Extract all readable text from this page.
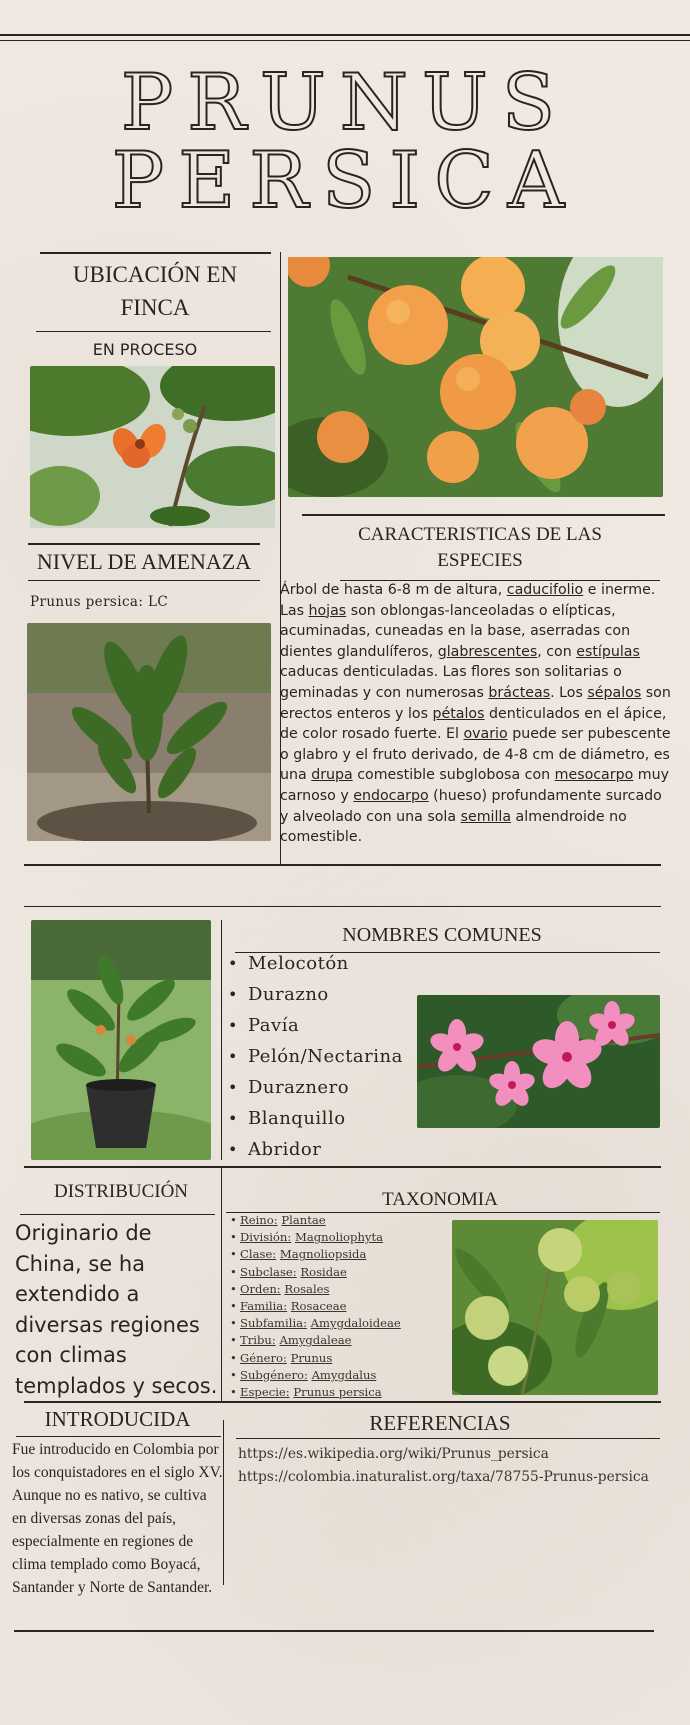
PRUNUS
PERSICA
UBICACIÓN EN FINCA
EN PROCESO
NIVEL DE AMENAZA
Prunus persica: LC
CARACTERISTICAS DE LAS ESPECIES
Árbol de hasta 6-8 m de altura, caducifolio e inerme. Las hojas son oblongas-lanceoladas o elípticas, acuminadas, cuneadas en la base, aserradas con dientes glandulíferos, glabrescentes, con estípulas caducas denticuladas. Las flores son solitarias o geminadas y con numerosas brácteas. Los sépalos son erectos enteros y los pétalos denticulados en el ápice, de color rosado fuerte. El ovario puede ser pubescente o glabro y el fruto derivado, de 4-8 cm de diámetro, es una drupa comestible subglobosa con mesocarpo muy carnoso y endocarpo (hueso) profundamente surcado y alveolado con una sola semilla almendroide no comestible.
NOMBRES COMUNES
• Melocotón
• Durazno
• Pavía
• Pelón/Nectarina
• Duraznero
• Blanquillo
• Abridor
DISTRIBUCIÓN
Originario de China, se ha extendido a diversas regiones con climas templados y secos.
TAXONOMIA
• Reino: Plantae
• División: Magnoliophyta
• Clase: Magnoliopsida
• Subclase: Rosidae
• Orden: Rosales
• Familia: Rosaceae
• Subfamilia: Amygdaloideae
• Tribu: Amygdaleae
• Género: Prunus
• Subgénero: Amygdalus
• Especie: Prunus persica
INTRODUCIDA
Fue introducido en Colombia por los conquistadores en el siglo XV. Aunque no es nativo, se cultiva en diversas zonas del país, especialmente en regiones de clima templado como Boyacá, Santander y Norte de Santander.
REFERENCIAS
https://es.wikipedia.org/wiki/Prunus_persica
https://colombia.inaturalist.org/taxa/78755-Prunus-persica
